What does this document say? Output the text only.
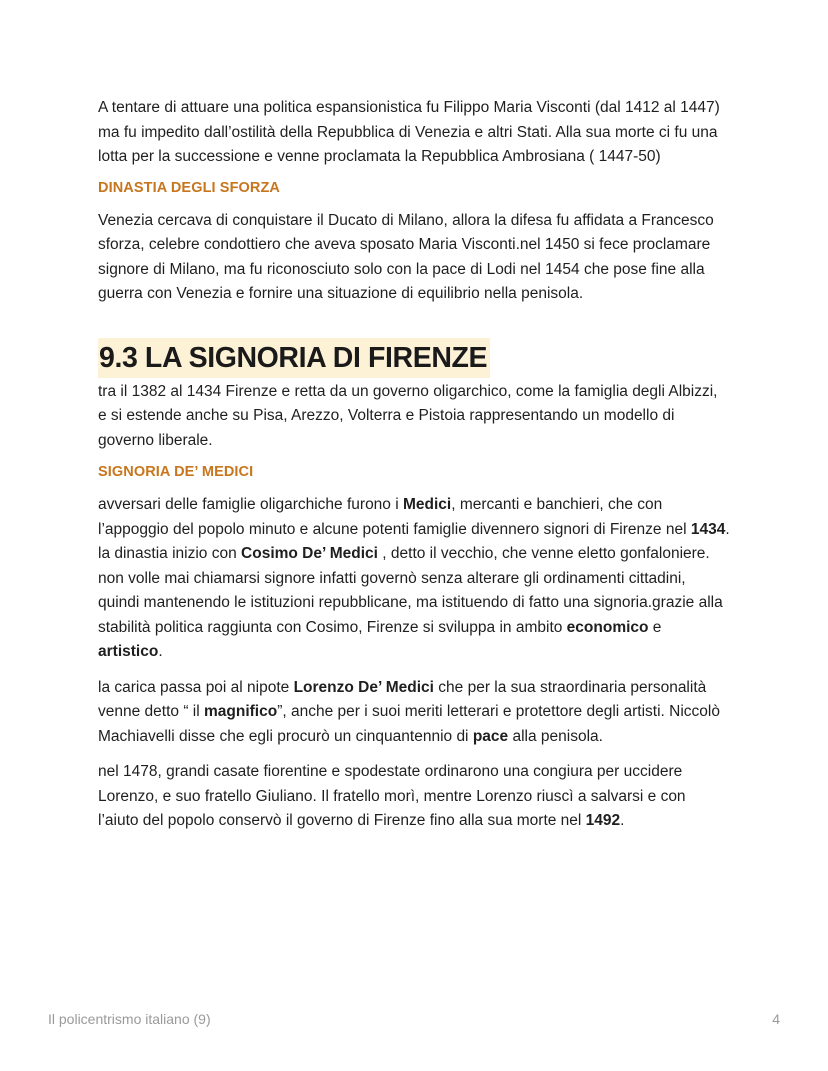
A tentare di attuare una politica espansionistica fu Filippo Maria Visconti (dal 1412 al 1447) ma fu impedito dall’ostilità della Repubblica di Venezia e altri Stati. Alla sua morte ci fu una lotta per la successione e venne proclamata la Repubblica Ambrosiana ( 1447-50)

DINASTIA DEGLI SFORZA

Venezia cercava di conquistare il Ducato di Milano, allora la difesa fu affidata a Francesco sforza, celebre condottiero che aveva sposato Maria Visconti.nel 1450 si fece proclamare signore di Milano, ma fu riconosciuto solo con la pace di Lodi nel 1454 che pose fine alla guerra con Venezia e fornire una situazione di equilibrio nella penisola.

9.3 LA SIGNORIA DI FIRENZE

tra il 1382 al 1434 Firenze e retta da un governo oligarchico, come la famiglia degli Albizzi, e si estende anche su Pisa, Arezzo, Volterra e Pistoia rappresentando un modello di governo liberale.

SIGNORIA DE’ MEDICI

avversari delle famiglie oligarchiche furono i Medici, mercanti e banchieri, che con l’appoggio del popolo minuto e alcune potenti famiglie divennero signori di Firenze nel 1434. la dinastia inizio con Cosimo De’ Medici , detto il vecchio, che venne eletto gonfaloniere. non volle mai chiamarsi signore infatti governò senza alterare gli ordinamenti cittadini, quindi mantenendo le istituzioni repubblicane, ma istituendo di fatto una signoria.grazie alla stabilità politica raggiunta con Cosimo, Firenze si sviluppa in ambito economico e artistico.

la carica passa poi al nipote Lorenzo De’ Medici che per la sua straordinaria personalità venne detto “ il magnifico”, anche per i suoi meriti letterari e protettore degli artisti. Niccolò Machiavelli disse che egli procurò un cinquantennio di pace alla penisola.

nel 1478, grandi casate fiorentine e spodestate ordinarono una congiura per uccidere Lorenzo, e suo fratello Giuliano. Il fratello morì, mentre Lorenzo riuscì a salvarsi e con l’aiuto del popolo conservò il governo di Firenze fino alla sua morte nel 1492.

Il policentrismo italiano (9)	4
